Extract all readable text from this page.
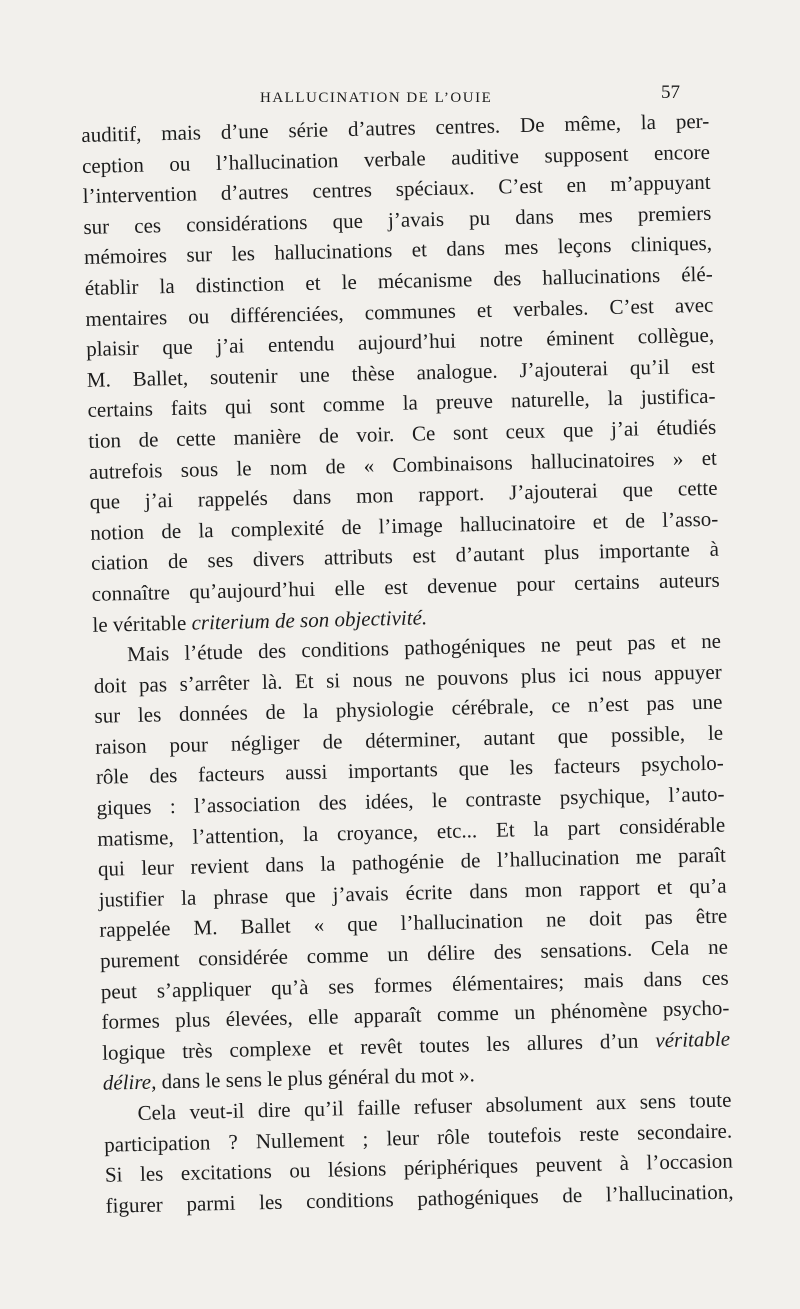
HALLUCINATION DE L’OUIE	57
auditif, mais d’une série d’autres centres. De même, la per-
ception ou l’hallucination verbale auditive supposent encore
l’intervention d’autres centres spéciaux. C’est en m’appuyant
sur ces considérations que j’avais pu dans mes premiers
mémoires sur les hallucinations et dans mes leçons cliniques,
établir la distinction et le mécanisme des hallucinations élé-
mentaires ou différenciées, communes et verbales. C’est avec
plaisir que j’ai entendu aujourd’hui notre éminent collègue,
M. Ballet, soutenir une thèse analogue. J’ajouterai qu’il est
certains faits qui sont comme la preuve naturelle, la justifica-
tion de cette manière de voir. Ce sont ceux que j’ai étudiés
autrefois sous le nom de « Combinaisons hallucinatoires » et
que j’ai rappelés dans mon rapport. J’ajouterai que cette
notion de la complexité de l’image hallucinatoire et de l’asso-
ciation de ses divers attributs est d’autant plus importante à
connaître qu’aujourd’hui elle est devenue pour certains auteurs
le véritable criterium de son objectivité.
Mais l’étude des conditions pathogéniques ne peut pas et ne
doit pas s’arrêter là. Et si nous ne pouvons plus ici nous appuyer
sur les données de la physiologie cérébrale, ce n’est pas une
raison pour négliger de déterminer, autant que possible, le
rôle des facteurs aussi importants que les facteurs psycholo-
giques : l’association des idées, le contraste psychique, l’auto-
matisme, l’attention, la croyance, etc... Et la part considérable
qui leur revient dans la pathogénie de l’hallucination me paraît
justifier la phrase que j’avais écrite dans mon rapport et qu’a
rappelée M. Ballet « que l’hallucination ne doit pas être
purement considérée comme un délire des sensations. Cela ne
peut s’appliquer qu’à ses formes élémentaires; mais dans ces
formes plus élevées, elle apparaît comme un phénomène psycho-
logique très complexe et revêt toutes les allures d’un véritable
délire, dans le sens le plus général du mot ».
Cela veut-il dire qu’il faille refuser absolument aux sens toute
participation ? Nullement ; leur rôle toutefois reste secondaire.
Si les excitations ou lésions périphériques peuvent à l’occasion
figurer parmi les conditions pathogéniques de l’hallucination,
